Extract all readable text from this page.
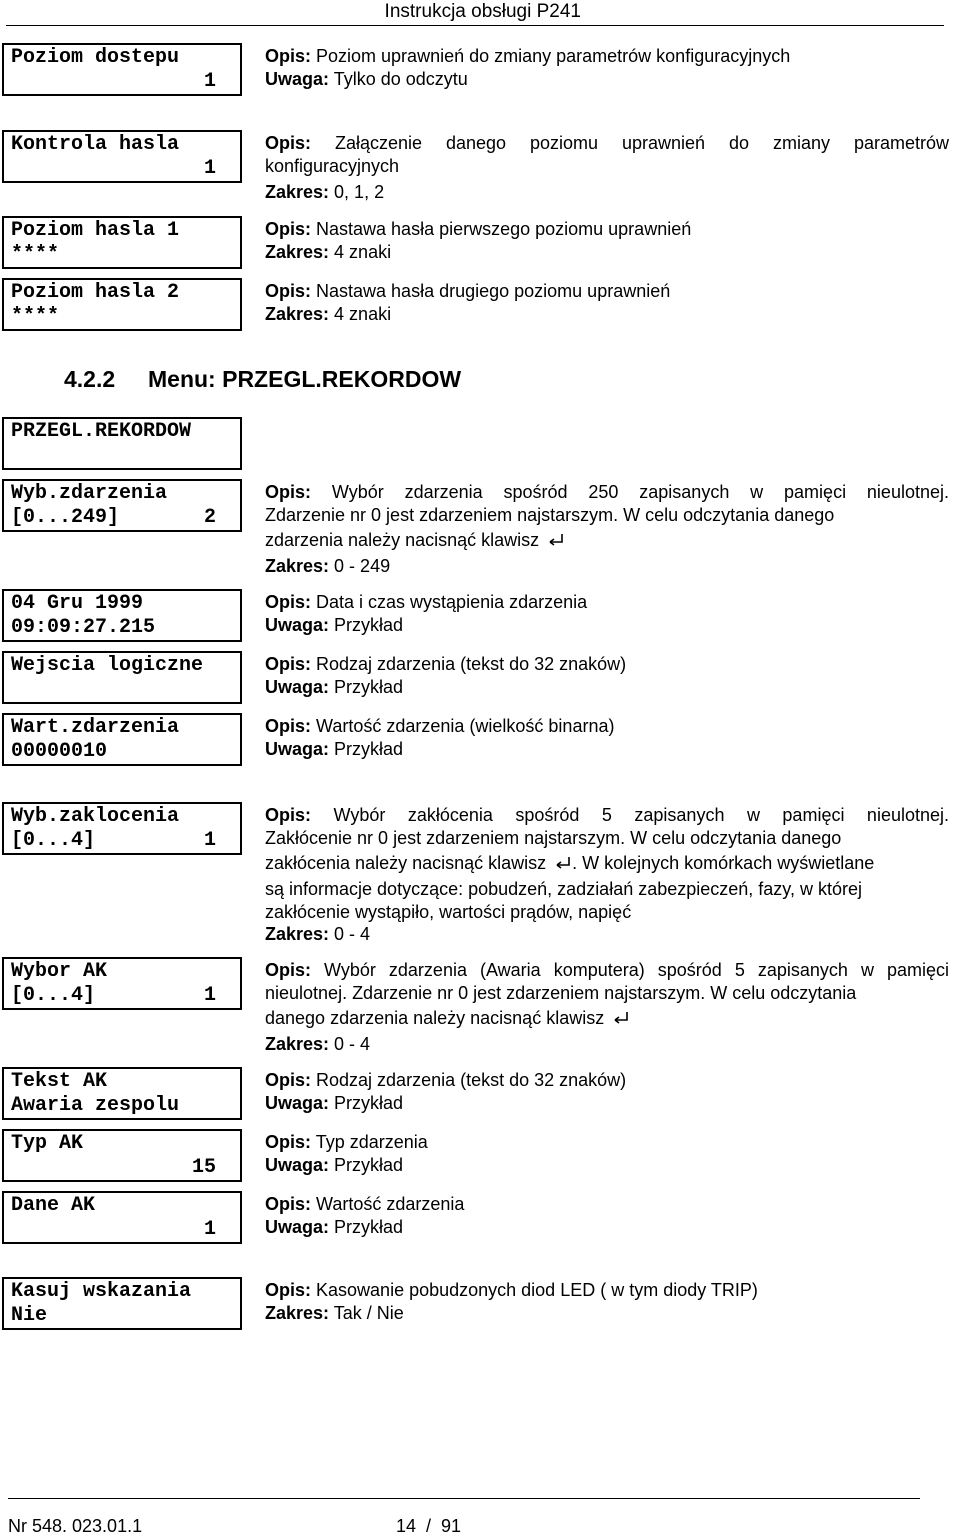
Instrukcja obsługi P241
Poziom dostepu
1
Opis: Poziom uprawnień do zmiany parametrów konfiguracyjnych
Uwaga: Tylko do odczytu
Kontrola hasla
1
Opis: Załączenie danego poziomu uprawnień do zmiany parametrów
konfiguracyjnych
Zakres: 0, 1, 2
Poziom hasla 1
****
Opis: Nastawa hasła pierwszego poziomu uprawnień
Zakres: 4 znaki
Poziom hasla 2
****
Opis: Nastawa hasła drugiego poziomu uprawnień
Zakres: 4 znaki
4.2.2 Menu: PRZEGL.REKORDOW
PRZEGL.REKORDOW
Wyb.zdarzenia
[0...249]	2
Opis: Wybór zdarzenia spośród 250 zapisanych w pamięci nieulotnej.
Zdarzenie nr 0 jest zdarzeniem najstarszym. W celu odczytania danego
zdarzenia należy nacisnąć klawisz
Zakres: 0 - 249
04 Gru 1999
09:09:27.215
Opis: Data i czas wystąpienia zdarzenia
Uwaga: Przykład
Wejscia logiczne	Opis: Rodzaj zdarzenia (tekst do 32 znaków)
Uwaga: Przykład
Wart.zdarzenia
00000010
Opis: Wartość zdarzenia (wielkość binarna)
Uwaga: Przykład
Wyb.zaklocenia
[0...4]	1
Opis: Wybór zakłócenia spośród 5 zapisanych w pamięci nieulotnej.
Zakłócenie nr 0 jest zdarzeniem najstarszym. W celu odczytania danego
zakłócenia należy nacisnąć klawisz . W kolejnych komórkach wyświetlane
są informacje dotyczące: pobudzeń, zadziałań zabezpieczeń, fazy, w której
zakłócenie wystąpiło, wartości prądów, napięć
Zakres: 0 - 4
Wybor AK
[0...4]	1
Opis: Wybór zdarzenia (Awaria komputera) spośród 5 zapisanych w pamięci
nieulotnej. Zdarzenie nr 0 jest zdarzeniem najstarszym. W celu odczytania
danego zdarzenia należy nacisnąć klawisz
Zakres: 0 - 4
Tekst AK
Awaria zespolu
Opis: Rodzaj zdarzenia (tekst do 32 znaków)
Uwaga: Przykład
Typ AK
15
Opis: Typ zdarzenia
Uwaga: Przykład
Dane AK
1
Opis: Wartość zdarzenia
Uwaga: Przykład
Kasuj wskazania
Nie
Opis: Kasowanie pobudzonych diod LED ( w tym diody TRIP)
Zakres: Tak / Nie
Nr 548. 023.01.1	14  /  91
